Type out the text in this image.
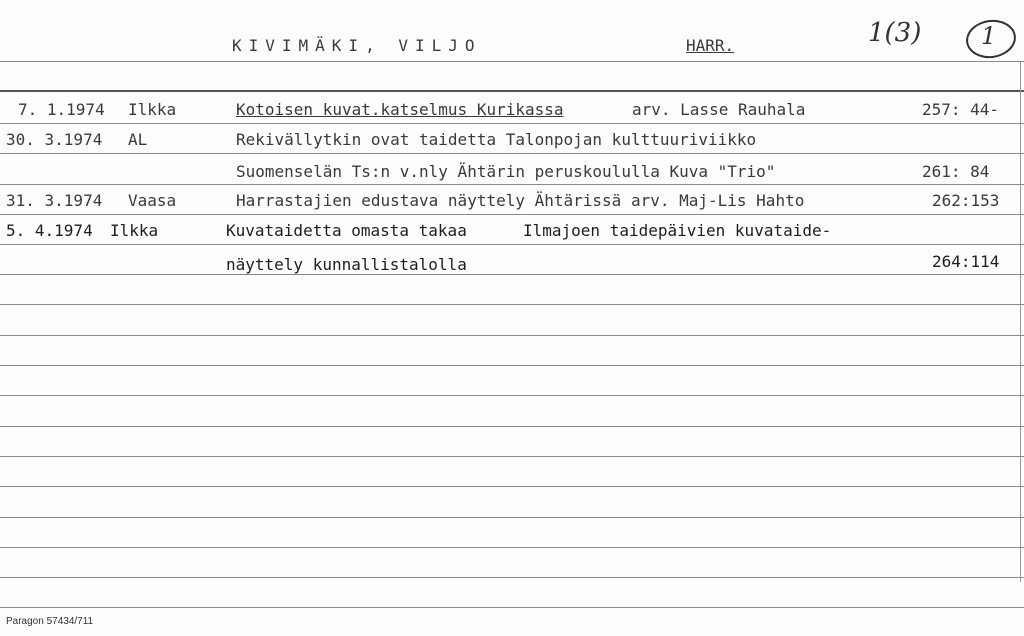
KIVIMÄKI, VILJO	HARR.	1(3) 1
7. 1.1974 Ilkka	Kotoisen kuvat.katselmus Kurikassa	arv. Lasse Rauhala	257: 44-
30. 3.1974 AL	Rekivällytkin ovat taidetta Talonpojan kulttuuriviikko
Suomenselän Ts:n v.nly Ähtärin peruskoululla Kuva "Trio"	261: 84
31. 3.1974 Vaasa	Harrastajien edustava näyttely Ähtärissä arv. Maj-Lis Hahto	262:153
5. 4.1974 Ilkka	Kuvataidetta omasta takaa	Ilmajoen taidepäivien kuvataide-
näyttely kunnallistalolla	264:114
Paragon 57434/711
